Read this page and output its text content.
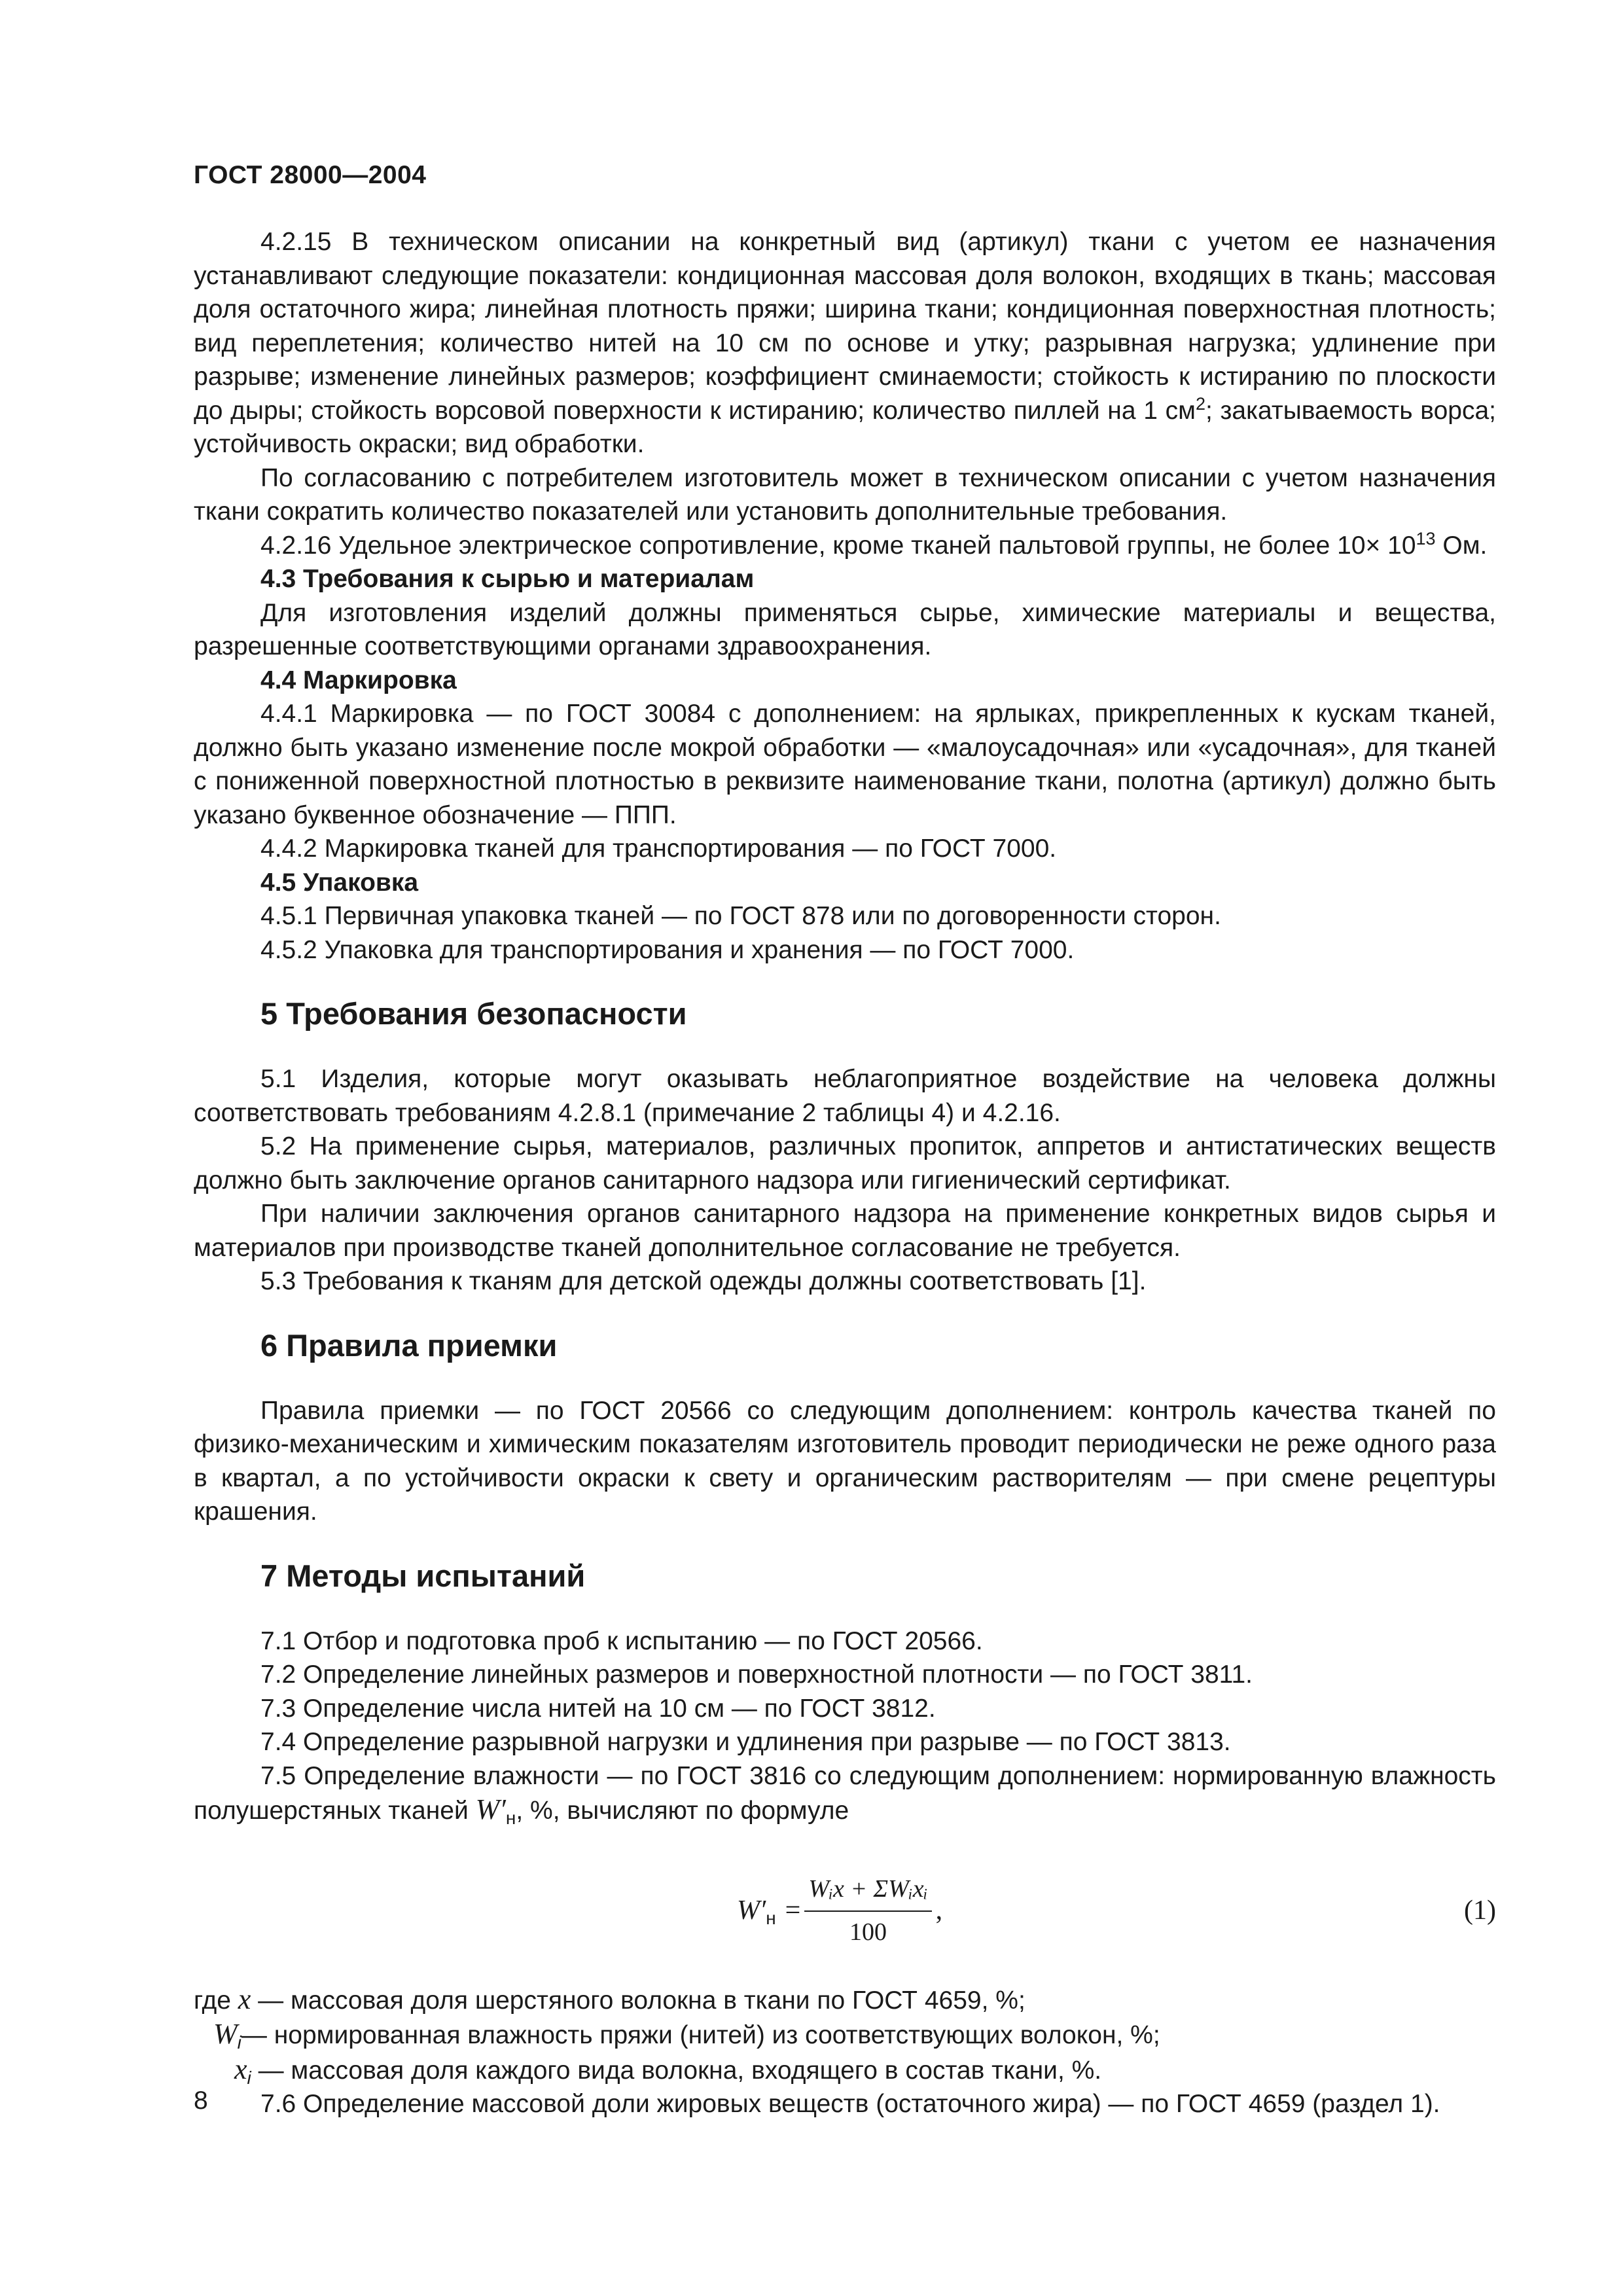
ГОСТ 28000—2004

4.2.15 В техническом описании на конкретный вид (артикул) ткани с учетом ее назначения устанавливают следующие показатели: кондиционная массовая доля волокон, входящих в ткань; массовая доля остаточного жира; линейная плотность пряжи; ширина ткани; кондиционная поверхностная плотность; вид переплетения; количество нитей на 10 см по основе и утку; разрывная нагрузка; удлинение при разрыве; изменение линейных размеров; коэффициент сминаемости; стойкость к истиранию по плоскости до дыры; стойкость ворсовой поверхности к истиранию; количество пиллей на 1 $см^2$; закатываемость ворса; устойчивость окраски; вид обработки.

По согласованию с потребителем изготовитель может в техническом описании с учетом назначения ткани сократить количество показателей или установить дополнительные требования.

4.2.16 Удельное электрическое сопротивление, кроме тканей пальтовой группы, не более $10\times 10^{13}$ Ом.

4.3 Требования к сырью и материалам

Для изготовления изделий должны применяться сырье, химические материалы и вещества, разрешенные соответствующими органами здравоохранения.

4.4 Маркировка

4.4.1 Маркировка — по ГОСТ 30084 с дополнением: на ярлыках, прикрепленных к кускам тканей, должно быть указано изменение после мокрой обработки — «малоусадочная» или «усадочная», для тканей с пониженной поверхностной плотностью в реквизите наименование ткани, полотна (артикул) должно быть указано буквенное обозначение — ППП.

4.4.2 Маркировка тканей для транспортирования — по ГОСТ 7000.

4.5 Упаковка

4.5.1 Первичная упаковка тканей — по ГОСТ 878 или по договоренности сторон.

4.5.2 Упаковка для транспортирования и хранения — по ГОСТ 7000.

5 Требования безопасности

5.1 Изделия, которые могут оказывать неблагоприятное воздействие на человека должны соответствовать требованиям 4.2.8.1 (примечание 2 таблицы 4) и 4.2.16.

5.2 На применение сырья, материалов, различных пропиток, аппретов и антистатических веществ должно быть заключение органов санитарного надзора или гигиенический сертификат.

При наличии заключения органов санитарного надзора на применение конкретных видов сырья и материалов при производстве тканей дополнительное согласование не требуется.

5.3 Требования к тканям для детской одежды должны соответствовать [1].

6 Правила приемки

Правила приемки — по ГОСТ 20566 со следующим дополнением: контроль качества тканей по физико-механическим и химическим показателям изготовитель проводит периодически не реже одного раза в квартал, а по устойчивости окраски к свету и органическим растворителям — при смене рецептуры крашения.

7 Методы испытаний

7.1 Отбор и подготовка проб к испытанию — по ГОСТ 20566.

7.2 Определение линейных размеров и поверхностной плотности — по ГОСТ 3811.

7.3 Определение числа нитей на 10 см — по ГОСТ 3812.

7.4 Определение разрывной нагрузки и удлинения при разрыве — по ГОСТ 3813.

7.5 Определение влажности — по ГОСТ 3816 со следующим дополнением: нормированную влажность полушерстяных тканей $W'_н$, %, вычисляют по формуле

$W'н = \frac{\text{Wᵢx + ΣWᵢxᵢ}}{100}$ ,	(1)

где x — массовая доля шерстяного волокна в ткани по ГОСТ 4659, %;

$W_i—$ нормированная влажность пряжи (нитей) из соответствующих волокон, %;

$x_i$ — массовая доля каждого вида волокна, входящего в состав ткани, %.

7.6 Определение массовой доли жировых веществ (остаточного жира) — по ГОСТ 4659 (раздел 1).

8
